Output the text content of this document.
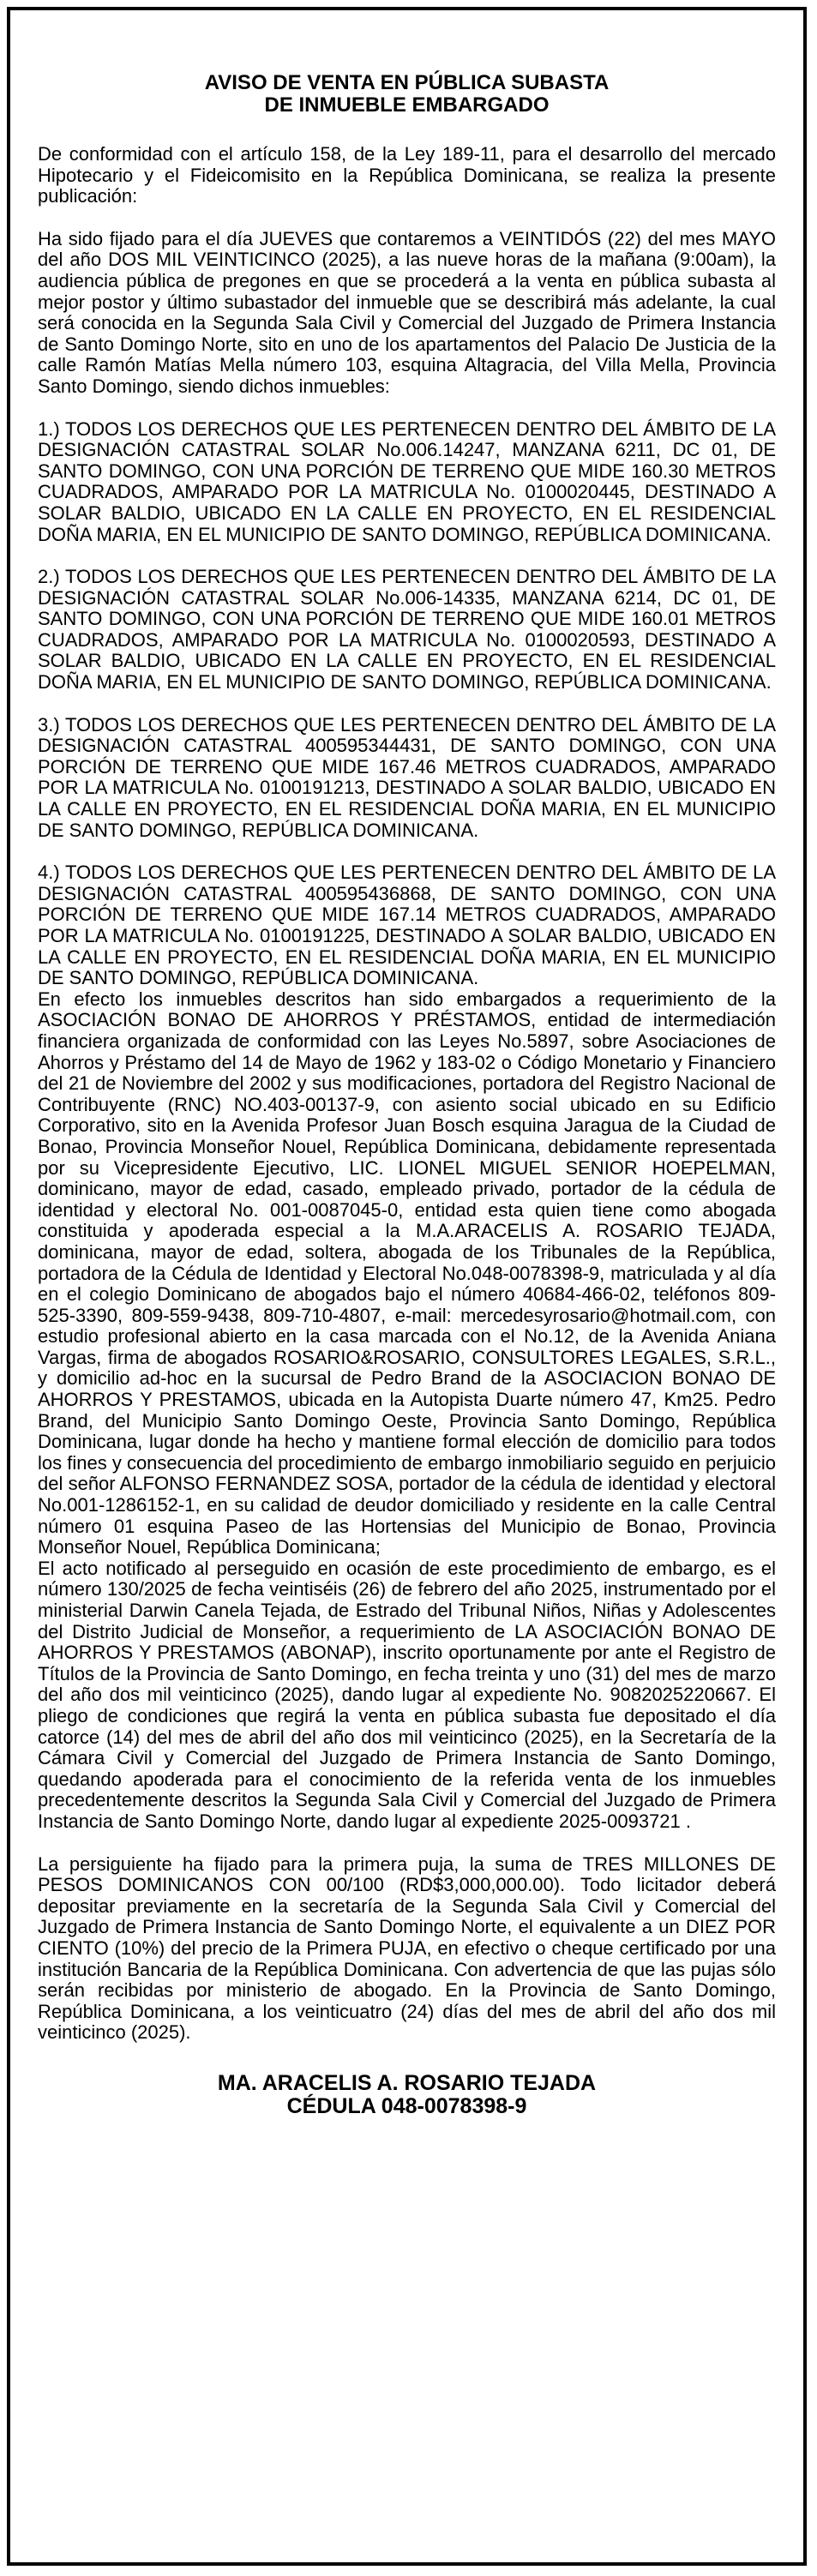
AVISO DE VENTA EN PÚBLICA SUBASTA
DE INMUEBLE EMBARGADO

De conformidad con el artículo 158, de la Ley 189-11, para el desarrollo del mercado Hipotecario y el Fideicomisito en la República Dominicana, se realiza la presente publicación:

Ha sido fijado para el día JUEVES que contaremos a VEINTIDÓS (22) del mes MAYO del año DOS MIL VEINTICINCO (2025), a las nueve horas de la mañana (9:00am), la audiencia pública de pregones en que se procederá a la venta en pública subasta al mejor postor y último subastador del inmueble que se describirá más adelante, la cual será conocida en la Segunda Sala Civil y Comercial del Juzgado de Primera Instancia de Santo Domingo Norte, sito en uno de los apartamentos del Palacio De Justicia de la calle Ramón Matías Mella número 103, esquina Altagracia, del Villa Mella, Provincia Santo Domingo, siendo dichos inmuebles:

1.) TODOS LOS DERECHOS QUE LES PERTENECEN DENTRO DEL ÁMBITO DE LA DESIGNACIÓN CATASTRAL SOLAR No.006.14247, MANZANA 6211, DC 01, DE SANTO DOMINGO, CON UNA PORCIÓN DE TERRENO QUE MIDE 160.30 METROS CUADRADOS, AMPARADO POR LA MATRICULA No. 0100020445, DESTINADO A SOLAR BALDIO, UBICADO EN LA CALLE EN PROYECTO, EN EL RESIDENCIAL DOÑA MARIA, EN EL MUNICIPIO DE SANTO DOMINGO, REPÚBLICA DOMINICANA.

2.) TODOS LOS DERECHOS QUE LES PERTENECEN DENTRO DEL ÁMBITO DE LA DESIGNACIÓN CATASTRAL SOLAR No.006-14335, MANZANA 6214, DC 01, DE SANTO DOMINGO, CON UNA PORCIÓN DE TERRENO QUE MIDE 160.01 METROS CUADRADOS, AMPARADO POR LA MATRICULA No. 0100020593, DESTINADO A SOLAR BALDIO, UBICADO EN LA CALLE EN PROYECTO, EN EL RESIDENCIAL DOÑA MARIA, EN EL MUNICIPIO DE SANTO DOMINGO, REPÚBLICA DOMINICANA.

3.) TODOS LOS DERECHOS QUE LES PERTENECEN DENTRO DEL ÁMBITO DE LA DESIGNACIÓN CATASTRAL 400595344431, DE SANTO DOMINGO, CON UNA PORCIÓN DE TERRENO QUE MIDE 167.46 METROS CUADRADOS, AMPARADO POR LA MATRICULA No. 0100191213, DESTINADO A SOLAR BALDIO, UBICADO EN LA CALLE EN PROYECTO, EN EL RESIDENCIAL DOÑA MARIA, EN EL MUNICIPIO DE SANTO DOMINGO, REPÚBLICA DOMINICANA.

4.) TODOS LOS DERECHOS QUE LES PERTENECEN DENTRO DEL ÁMBITO DE LA DESIGNACIÓN CATASTRAL 400595436868, DE SANTO DOMINGO, CON UNA PORCIÓN DE TERRENO QUE MIDE 167.14 METROS CUADRADOS, AMPARADO POR LA MATRICULA No. 0100191225, DESTINADO A SOLAR BALDIO, UBICADO EN LA CALLE EN PROYECTO, EN EL RESIDENCIAL DOÑA MARIA, EN EL MUNICIPIO DE SANTO DOMINGO, REPÚBLICA DOMINICANA.

En efecto los inmuebles descritos han sido embargados a requerimiento de la ASOCIACIÓN BONAO DE AHORROS Y PRÉSTAMOS, entidad de intermediación financiera organizada de conformidad con las Leyes No.5897, sobre Asociaciones de Ahorros y Préstamo del 14 de Mayo de 1962 y 183-02 o Código Monetario y Financiero del 21 de Noviembre del 2002 y sus modificaciones, portadora del Registro Nacional de Contribuyente (RNC) NO.403-00137-9, con asiento social ubicado en su Edificio Corporativo, sito en la Avenida Profesor Juan Bosch esquina Jaragua de la Ciudad de Bonao, Provincia Monseñor Nouel, República Dominicana, debidamente representada por su Vicepresidente Ejecutivo, LIC. LIONEL MIGUEL SENIOR HOEPELMAN, dominicano, mayor de edad, casado, empleado privado, portador de la cédula de identidad y electoral No. 001-0087045-0, entidad esta quien tiene como abogada constituida y apoderada especial a la M.A.ARACELIS A. ROSARIO TEJADA, dominicana, mayor de edad, soltera, abogada de los Tribunales de la República, portadora de la Cédula de Identidad y Electoral No.048-0078398-9, matriculada y al día en el colegio Dominicano de abogados bajo el número 40684-466-02, teléfonos 809-525-3390, 809-559-9438, 809-710-4807, e-mail: mercedesyrosario@hotmail.com, con estudio profesional abierto en la casa marcada con el No.12, de la Avenida Aniana Vargas, firma de abogados ROSARIO&ROSARIO, CONSULTORES LEGALES, S.R.L., y domicilio ad-hoc en la sucursal de Pedro Brand de la ASOCIACION BONAO DE AHORROS Y PRESTAMOS, ubicada en la Autopista Duarte número 47, Km25. Pedro Brand, del Municipio Santo Domingo Oeste, Provincia Santo Domingo, República Dominicana, lugar donde ha hecho y mantiene formal elección de domicilio para todos los fines y consecuencia del procedimiento de embargo inmobiliario seguido en perjuicio del señor ALFONSO FERNANDEZ SOSA, portador de la cédula de identidad y electoral No.001-1286152-1, en su calidad de deudor domiciliado y residente en la calle Central número 01 esquina Paseo de las Hortensias del Municipio de Bonao, Provincia Monseñor Nouel, República Dominicana;

El acto notificado al perseguido en ocasión de este procedimiento de embargo, es el número 130/2025 de fecha veintiséis (26) de febrero del año 2025, instrumentado por el ministerial Darwin Canela Tejada, de Estrado del Tribunal Niños, Niñas y Adolescentes del Distrito Judicial de Monseñor, a requerimiento de LA ASOCIACIÓN BONAO DE AHORROS Y PRESTAMOS (ABONAP), inscrito oportunamente por ante el Registro de Títulos de la Provincia de Santo Domingo, en fecha treinta y uno (31) del mes de marzo del año dos mil veinticinco (2025), dando lugar al expediente No. 9082025220667. El pliego de condiciones que regirá la venta en pública subasta fue depositado el día catorce (14) del mes de abril del año dos mil veinticinco (2025), en la Secretaría de la Cámara Civil y Comercial del Juzgado de Primera Instancia de Santo Domingo, quedando apoderada para el conocimiento de la referida venta de los inmuebles precedentemente descritos la Segunda Sala Civil y Comercial del Juzgado de Primera Instancia de Santo Domingo Norte, dando lugar al expediente 2025-0093721 .

La persiguiente ha fijado para la primera puja, la suma de TRES MILLONES DE PESOS DOMINICANOS CON 00/100 (RD$3,000,000.00). Todo licitador deberá depositar previamente en la secretaría de la Segunda Sala Civil y Comercial del Juzgado de Primera Instancia de Santo Domingo Norte, el equivalente a un DIEZ POR CIENTO (10%) del precio de la Primera PUJA, en efectivo o cheque certificado por una institución Bancaria de la República Dominicana. Con advertencia de que las pujas sólo serán recibidas por ministerio de abogado. En la Provincia de Santo Domingo, República Dominicana, a los veinticuatro (24) días del mes de abril del año dos mil veinticinco (2025).

MA. ARACELIS A. ROSARIO TEJADA
CÉDULA 048-0078398-9
